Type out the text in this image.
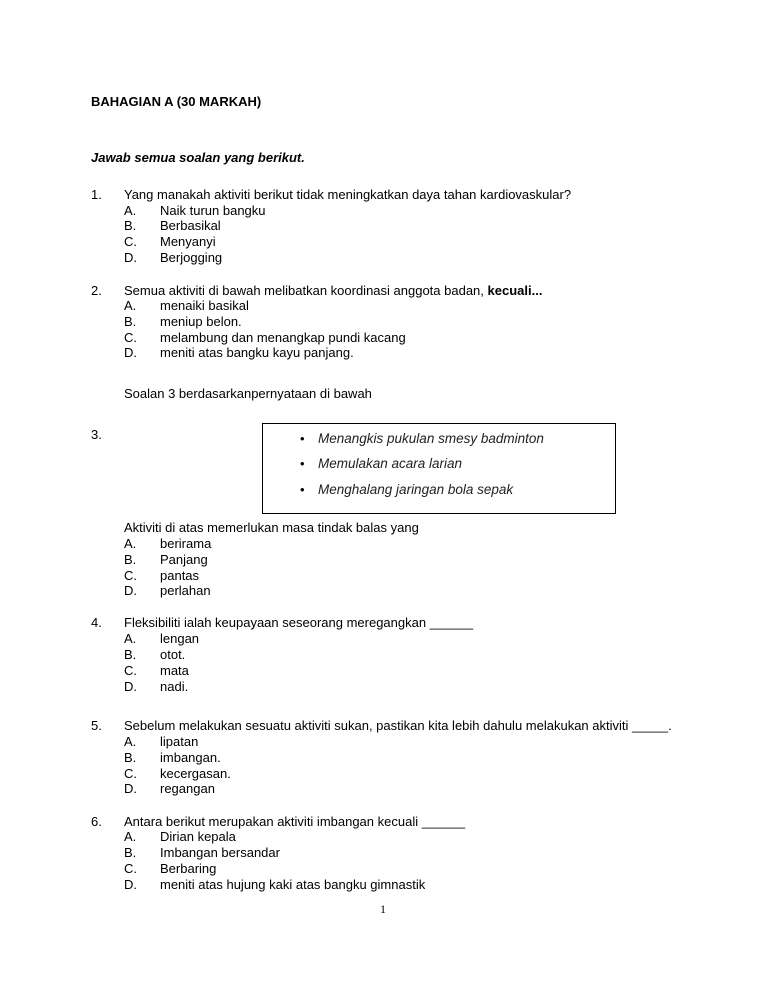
BAHAGIAN A (30 MARKAH)
Jawab semua soalan yang berikut.
1. Yang manakah aktiviti berikut tidak meningkatkan daya tahan kardiovaskular?
A. Naik turun bangku
B. Berbasikal
C. Menyanyi
D. Berjogging
2. Semua aktiviti di bawah melibatkan koordinasi anggota badan, kecuali...
A. menaiki basikal
B. meniup belon.
C. melambung dan menangkap pundi kacang
D. meniti atas bangku kayu panjang.
Soalan 3 berdasarkanpernyataan di bawah
3.	• Menangkis pukulan smesy badminton
• Memulakan acara larian
• Menghalang jaringan bola sepak
Aktiviti di atas memerlukan masa tindak balas yang
A. berirama
B. Panjang
C. pantas
D. perlahan
4. Fleksibiliti ialah keupayaan seseorang meregangkan ______
A. lengan
B. otot.
C. mata
D. nadi.
5. Sebelum melakukan sesuatu aktiviti sukan, pastikan kita lebih dahulu melakukan aktiviti _____.
A. lipatan
B. imbangan.
C. kecergasan.
D. regangan
6. Antara berikut merupakan aktiviti imbangan kecuali ______
A. Dirian kepala
B. Imbangan bersandar
C. Berbaring
D. meniti atas hujung kaki atas bangku gimnastik
1
